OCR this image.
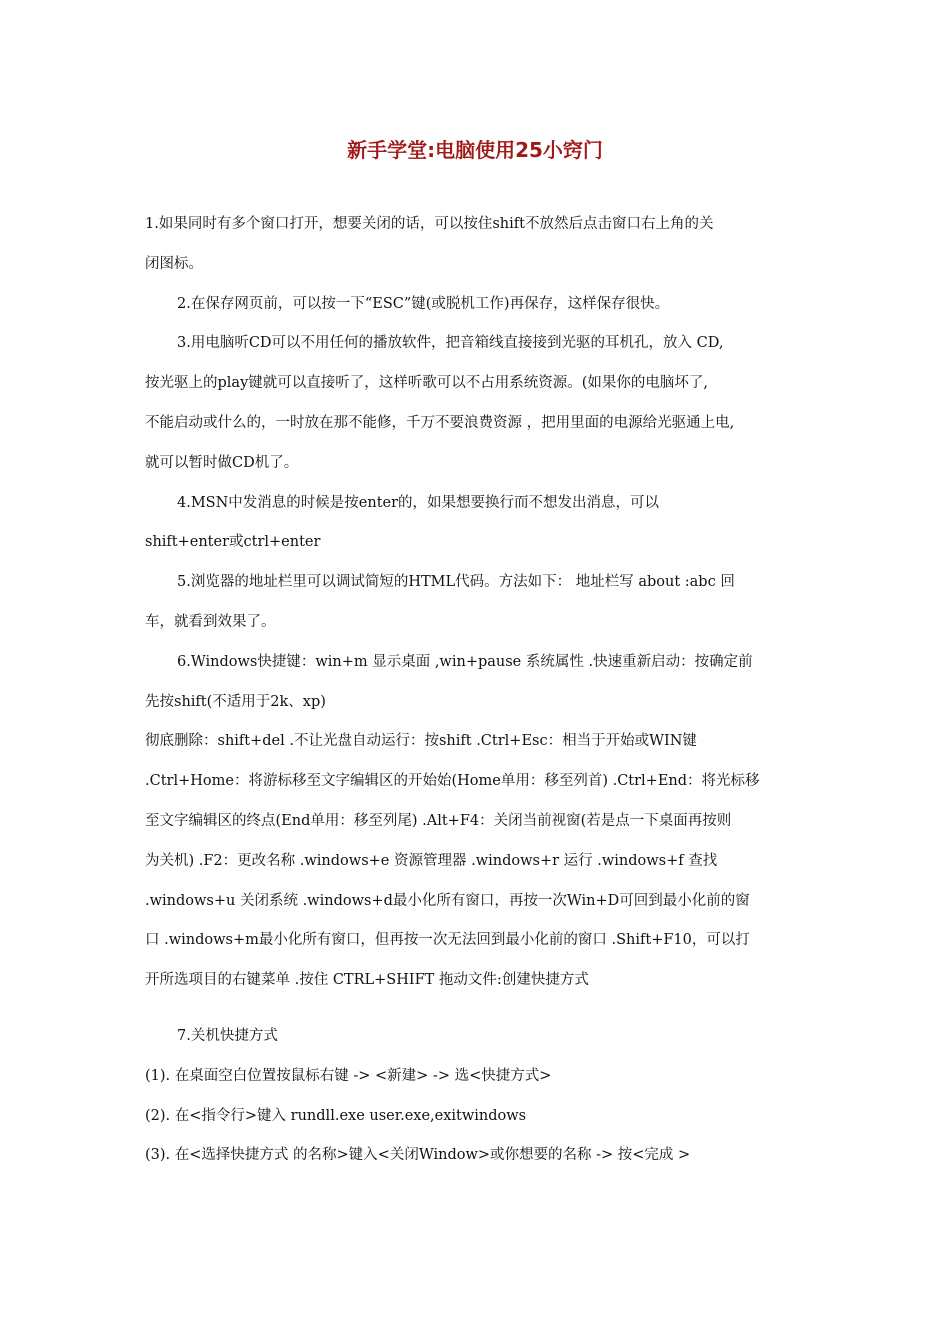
新手学堂:电脑使用25小窍门
1.如果同时有多个窗口打开，想要关闭的话，可以按住shift不放然后点击窗口右上角的关
闭图标。
2.在保存网页前，可以按一下“ESC”键(或脱机工作)再保存，这样保存很快。
3.用电脑听CD可以不用任何的播放软件，把音箱线直接接到光驱的耳机孔，放入 CD,
按光驱上的play键就可以直接听了，这样听歌可以不占用系统资源。(如果你的电脑坏了,
不能启动或什么的，一时放在那不能修，千万不要浪费资源 ，把用里面的电源给光驱通上电,
就可以暂时做CD机了。
4.MSN中发消息的时候是按enter的，如果想要换行而不想发出消息，可以
shift+enter或ctrl+enter
5.浏览器的地址栏里可以调试简短的HTML代码。方法如下： 地址栏写 about :abc 回
车，就看到效果了。
6.Windows快捷键：win+m 显示桌面 ,win+pause 系统属性 .快速重新启动：按确定前
先按shift(不适用于2k、xp)
彻底删除：shift+del .不让光盘自动运行：按shift .Ctrl+Esc：相当于开始或WIN键
.Ctrl+Home：将游标移至文字编辑区的开始始(Home单用：移至列首) .Ctrl+End：将光标移
至文字编辑区的终点(End单用：移至列尾) .Alt+F4：关闭当前视窗(若是点一下桌面再按则
为关机) .F2：更改名称 .windows+e 资源管理器 .windows+r 运行 .windows+f 查找
.windows+u 关闭系统 .windows+d最小化所有窗口，再按一次Win+D可回到最小化前的窗
口 .windows+m最小化所有窗口，但再按一次无法回到最小化前的窗口 .Shift+F10，可以打
开所选项目的右键菜单 .按住 CTRL+SHIFT 拖动文件:创建快捷方式
7.关机快捷方式
(1). 在桌面空白位置按鼠标右键 -> <新建> -> 选<快捷方式>
(2). 在<指令行>键入 rundll.exe user.exe,exitwindows
(3). 在<选择快捷方式 的名称>键入<关闭Window>或你想要的名称 -> 按<完成 >
